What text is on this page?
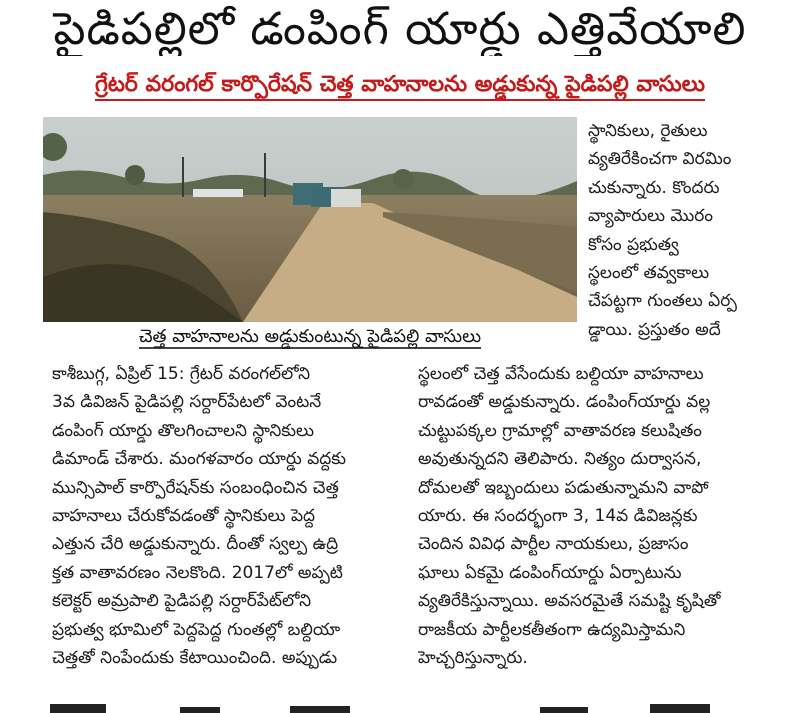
పైడిపల్లిలో డంపింగ్ యార్డు ఎత్తివేయాలి
గ్రేటర్ వరంగల్ కార్పొరేషన్ చెత్త వాహనాలను అడ్డుకున్న పైడిపల్లి వాసులు
చెత్త వాహనాలను అడ్డుకుంటున్న పైడిపల్లి వాసులు
స్థానికులు, రైతులు
వ్యతిరేకించగా విరమిం
చుకున్నారు. కొందరు
వ్యాపారులు మొరం
కోసం ప్రభుత్వ
స్థలంలో తవ్వకాలు
చేపట్టగా గుంతలు ఏర్ప
డ్డాయి. ప్రస్తుతం అదే
కాశీబుగ్గ, ఏప్రిల్ 15: గ్రేటర్ వరంగల్‌లోని
3వ డివిజన్ పైడిపల్లి సర్దార్‌పేటలో వెంటనే
డంపింగ్ యార్డు తొలగించాలని స్థానికులు
డిమాండ్ చేశారు. మంగళవారం యార్డు వద్దకు
మున్సిపాల్ కార్పొరేషన్‌కు సంబంధించిన చెత్త
వాహనాలు చేరుకోవడంతో స్థానికులు పెద్ద
ఎత్తున చేరి అడ్డుకున్నారు. దీంతో స్వల్ప ఉద్రి
క్తత వాతావరణం నెలకొంది. 2017లో అప్పటి
కలెక్టర్ అమ్రపాలి పైడిపల్లి సర్దార్‌పేట్‌లోని
ప్రభుత్వ భూమిలో పెద్దపెద్ద గుంతల్లో బల్దియా
చెత్తతో నింపేందుకు కేటాయించింది. అప్పుడు
స్థలంలో చెత్త వేసేందుకు బల్దియా వాహనాలు
రావడంతో అడ్డుకున్నారు. డంపింగ్‌యార్డు వల్ల
చుట్టుపక్కల గ్రామాల్లో వాతావరణ కలుషితం
అవుతున్నదని తెలిపారు. నిత్యం దుర్వాసన,
దోమలతో ఇబ్బందులు పడుతున్నామని వాపో
యారు. ఈ సందర్భంగా 3, 14వ డివిజన్లకు
చెందిన వివిధ పార్టీల నాయకులు, ప్రజాసం
ఘాలు ఏకమై డంపింగ్‌యార్డు ఏర్పాటును
వ్యతిరేకిస్తున్నాయి. అవసరమైతే సమష్టి కృషితో
రాజకీయ పార్టీలకతీతంగా ఉద్యమిస్తామని
హెచ్చరిస్తున్నారు.
